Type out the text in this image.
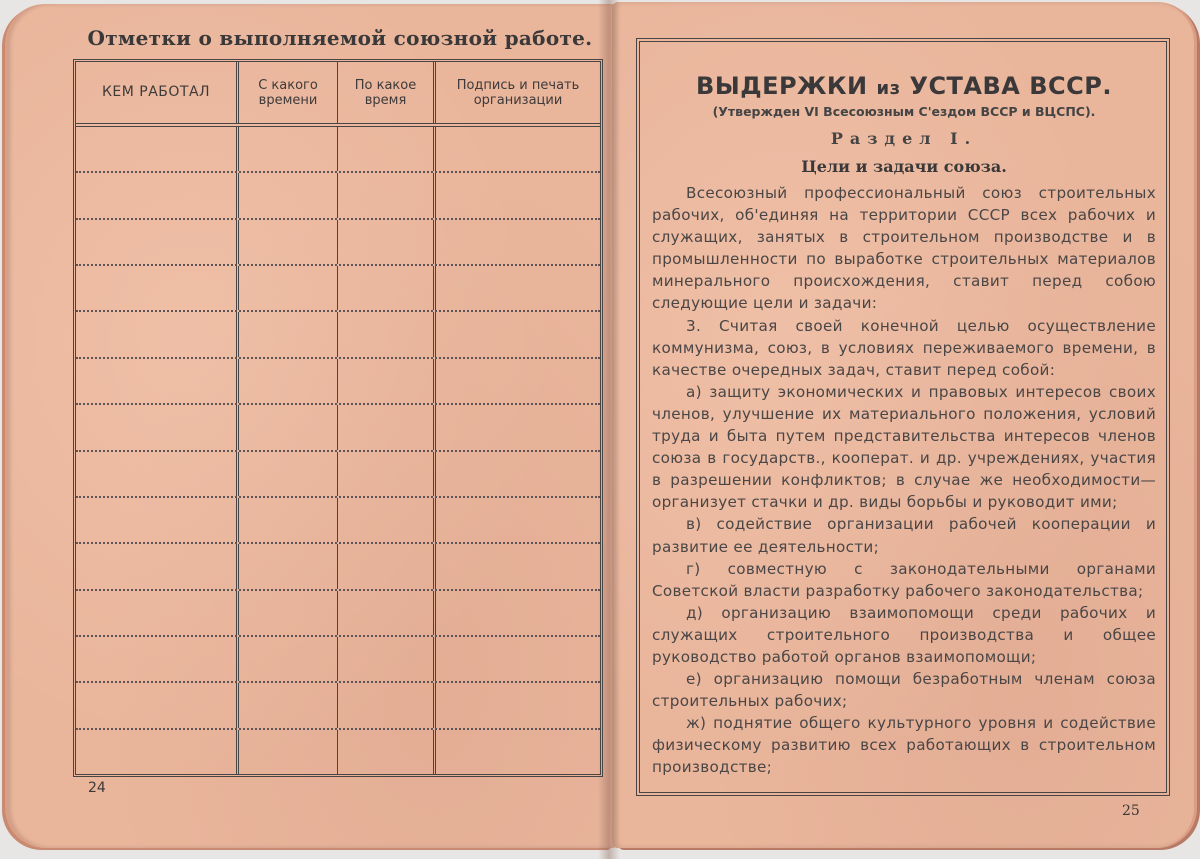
Отметки о выполняемой союзной работе.
КЕМ РАБОТАЛ	С какого времени
По какое время
Подпись и печать организации
24
ВЫДЕРЖКИ из УСТАВА ВССР.
(Утвержден VI Всесоюзным С'ездом ВССР и ВЦСПС).
Раздел I.
Цели и задачи союза.

Всесоюзный профессиональный союз строительных рабочих, об'единяя на территории СССР всех рабочих и служащих, занятых в строительном производстве и в промышленности по выработке строительных материалов минерального происхождения, ставит перед собою следующие цели и задачи:

3. Считая своей конечной целью осуществление коммунизма, союз, в условиях переживаемого времени, в качестве очередных задач, ставит перед собой:

а) защиту экономических и правовых интересов своих членов, улучшение их материального положения, условий труда и быта путем представительства интересов членов союза в государств., кооперат. и др. учреждениях, участия в разрешении конфликтов; в случае же необходимости—организует стачки и др. виды борьбы и руководит ими;

в) содействие организации рабочей кооперации и развитие ее деятельности;

г) совместную с законодательными органами Советской власти разработку рабочего законодательства;

д) организацию взаимопомощи среди рабочих и служащих строительного производства и общее руководство работой органов взаимопомощи;

е) организацию помощи безработным членам союза строительных рабочих;

ж) поднятие общего культурного уровня и содействие физическому развитию всех работающих в строительном производстве;

25
